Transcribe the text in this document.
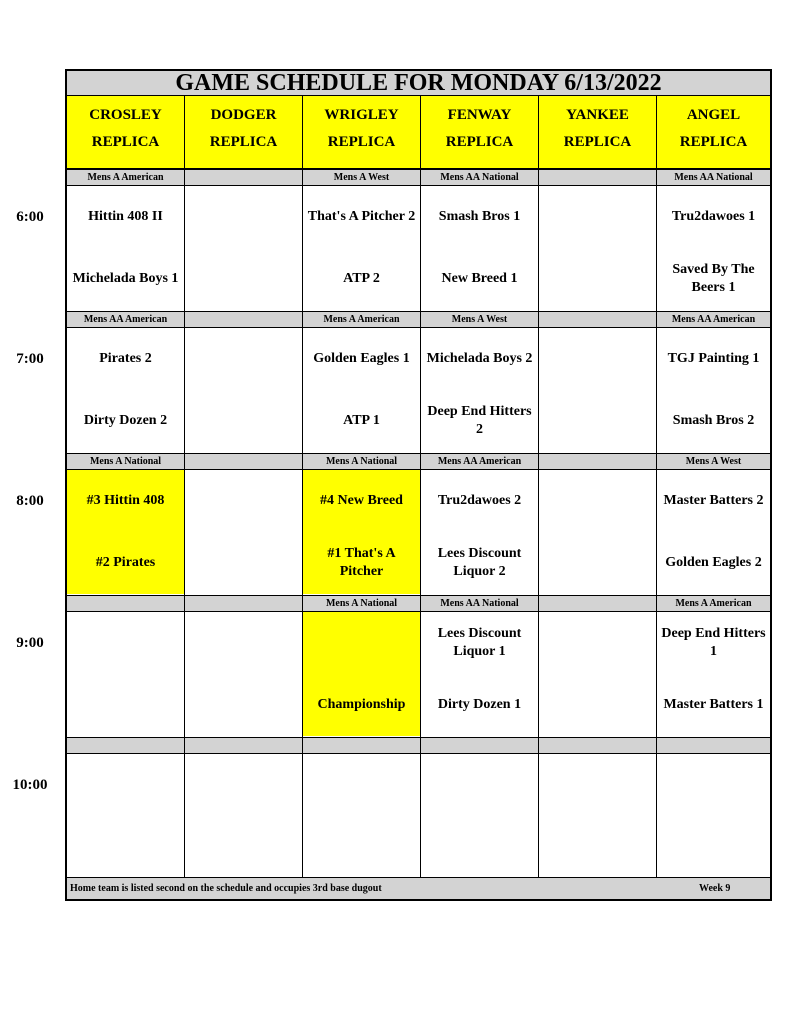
6:00
7:00
8:00
9:00
10:00
GAME SCHEDULE FOR MONDAY 6/13/2022
CROSLEY
REPLICA
Mens A American
Hittin 408 II
Michelada Boys 1
Mens AA American
Pirates 2
Dirty Dozen 2
Mens A National
#3 Hittin 408
#2 Pirates
DODGER
REPLICA
WRIGLEY
REPLICA
Mens A West
That's A Pitcher 2
ATP 2
Mens A American
Golden Eagles 1
ATP 1
Mens A National
#4 New Breed
#1 That's A Pitcher
Mens A National
Championship
FENWAY
REPLICA
Mens AA National
Smash Bros 1
New Breed 1
Mens A West
Michelada Boys 2
Deep End Hitters 2
Mens AA American
Tru2dawoes 2
Lees Discount Liquor 2
Mens AA National
Lees Discount Liquor 1
Dirty Dozen 1
YANKEE
REPLICA
ANGEL
REPLICA
Mens AA National
Tru2dawoes 1
Saved By The Beers 1
Mens AA American
TGJ Painting 1
Smash Bros 2
Mens A West
Master Batters 2
Golden Eagles 2
Mens A American
Deep End Hitters 1
Master Batters 1
Home team is listed second on the schedule and occupies 3rd base dugout	Week 9
